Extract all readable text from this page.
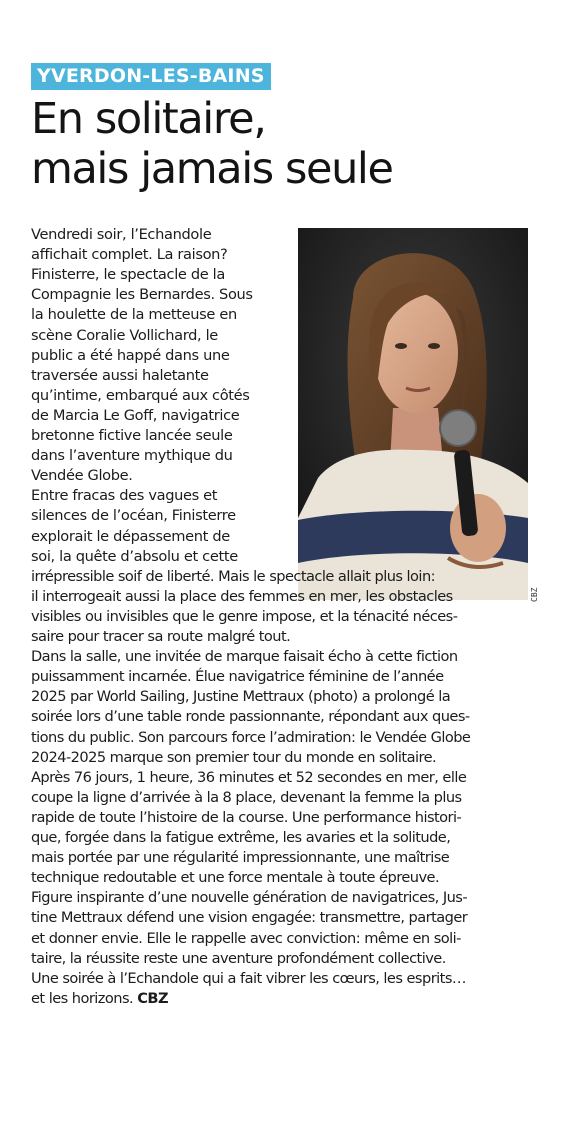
YVERDON-LES-BAINS
En solitaire,
mais jamais seule
CBZ
Vendredi soir, l’Echandole
affichait complet. La raison?
Finisterre, le spectacle de la
Compagnie les Bernardes. Sous
la houlette de la metteuse en
scène Coralie Vollichard, le
public a été happé dans une
traversée aussi haletante
qu’intime, embarqué aux côtés
de Marcia Le Goff, navigatrice
bretonne fictive lancée seule
dans l’aventure mythique du
Vendée Globe.
Entre fracas des vagues et
silences de l’océan, Finisterre
explorait le dépassement de
soi, la quête d’absolu et cette
irrépressible soif de liberté. Mais le spectacle allait plus loin:
il interrogeait aussi la place des femmes en mer, les obstacles
visibles ou invisibles que le genre impose, et la ténacité néces-
saire pour tracer sa route malgré tout.
Dans la salle, une invitée de marque faisait écho à cette fiction
puissamment incarnée. Élue navigatrice féminine de l’année
2025 par World Sailing, Justine Mettraux (photo) a prolongé la
soirée lors d’une table ronde passionnante, répondant aux ques-
tions du public. Son parcours force l’admiration: le Vendée Globe
2024-2025 marque son premier tour du monde en solitaire.
Après 76 jours, 1 heure, 36 minutes et 52 secondes en mer, elle
coupe la ligne d’arrivée à la 8 place, devenant la femme la plus
rapide de toute l’histoire de la course. Une performance histori-
que, forgée dans la fatigue extrême, les avaries et la solitude,
mais portée par une régularité impressionnante, une maîtrise
technique redoutable et une force mentale à toute épreuve.
Figure inspirante d’une nouvelle génération de navigatrices, Jus-
tine Mettraux défend une vision engagée: transmettre, partager
et donner envie. Elle le rappelle avec conviction: même en soli-
taire, la réussite reste une aventure profondément collective.
Une soirée à l’Echandole qui a fait vibrer les cœurs, les esprits…
et les horizons. CBZ
